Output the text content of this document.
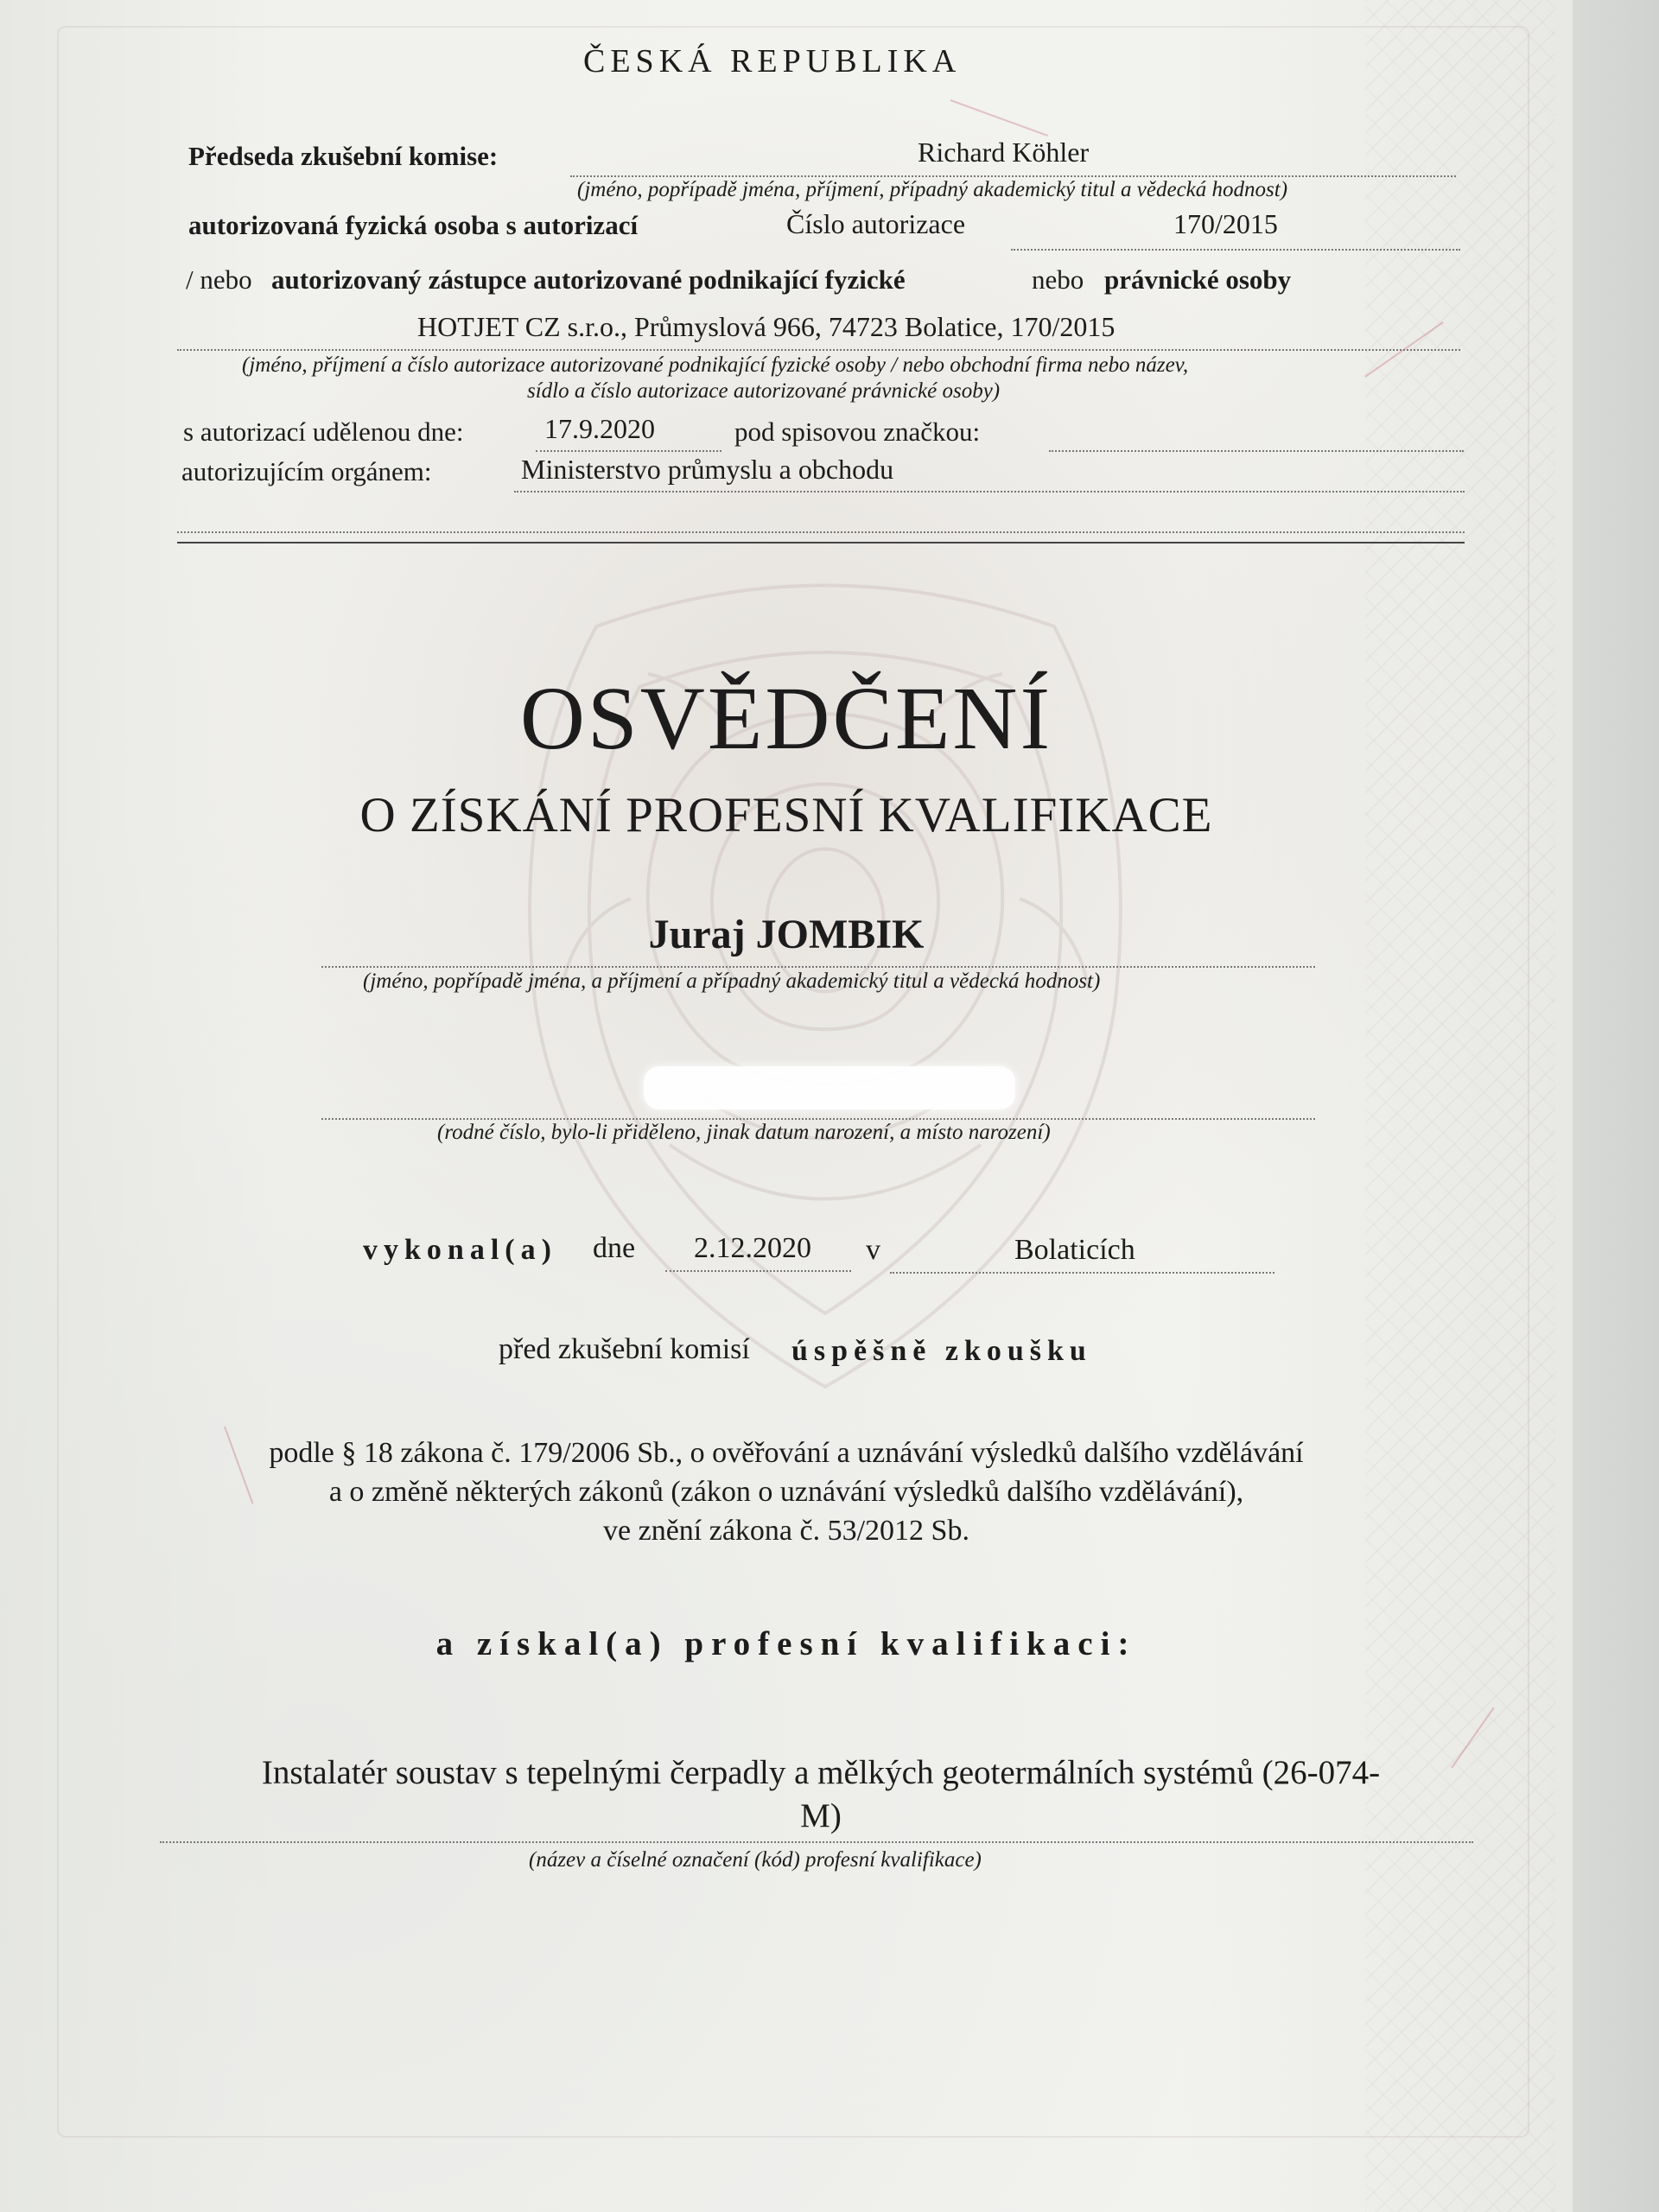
ČESKÁ REPUBLIKA
Předseda zkušební komise:	Richard Köhler
(jméno, popřípadě jména, příjmení, případný akademický titul a vědecká hodnost)
autorizovaná fyzická osoba s autorizací	Číslo autorizace	170/2015
/ nebo autorizovaný zástupce autorizované podnikající fyzické	nebo právnické osoby
HOTJET CZ s.r.o., Průmyslová 966, 74723 Bolatice, 170/2015
(jméno, příjmení a číslo autorizace autorizované podnikající fyzické osoby / nebo obchodní firma nebo název,
sídlo a číslo autorizace autorizované právnické osoby)
s autorizací udělenou dne:	17.9.2020	pod spisovou značkou:
autorizujícím orgánem:	Ministerstvo průmyslu a obchodu
OSVĚDČENÍ
O ZÍSKÁNÍ PROFESNÍ KVALIFIKACE
Juraj JOMBIK
(jméno, popřípadě jména, a příjmení a případný akademický titul a vědecká hodnost)
(rodné číslo, bylo-li přiděleno, jinak datum narození, a místo narození)
vykonal(a) dne 2.12.2020 v	Bolaticích
před zkušební komisí úspěšně zkoušku
podle § 18 zákona č. 179/2006 Sb., o ověřování a uznávání výsledků dalšího vzdělávání
a o změně některých zákonů (zákon o uznávání výsledků dalšího vzdělávání),
ve znění zákona č. 53/2012 Sb.
a získal(a) profesní kvalifikaci:
Instalatér soustav s tepelnými čerpadly a mělkých geotermálních systémů (26-074-
M)
(název a číselné označení (kód) profesní kvalifikace)
